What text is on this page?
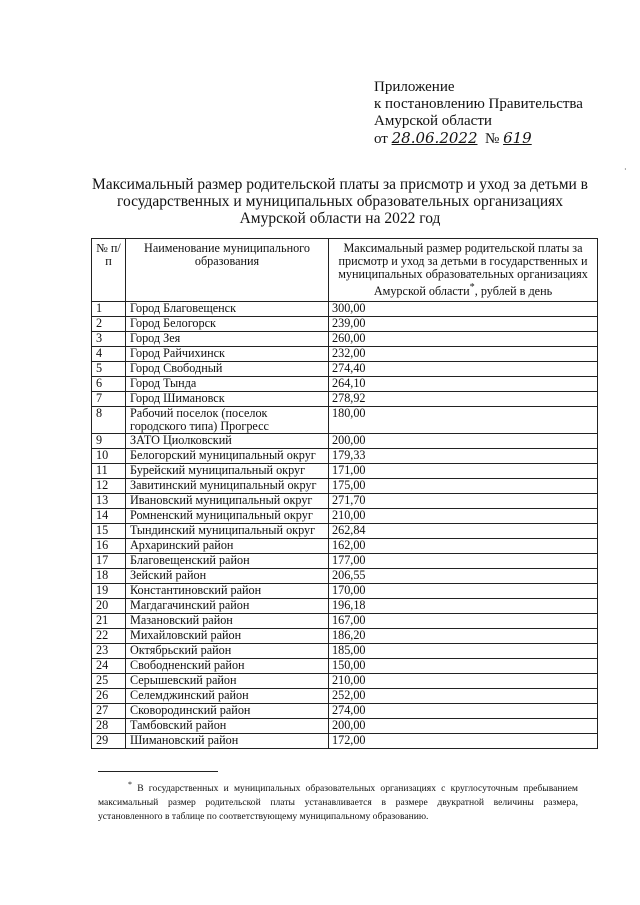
Приложение
к постановлению Правительства
Амурской области
от 28.06.2022 № 619
·
Максимальный размер родительской платы за присмотр и уход за детьми в
государственных и муниципальных образовательных организациях
Амурской области на 2022 год
№ п/п	Наименование муниципального образования	Максимальный размер родительской платы за присмотр и уход за детьми в государственных и муниципальных образовательных организациях Амурской области*, рублей в день
1	Город Благовещенск	300,00
2	Город Белогорск	239,00
3	Город Зея	260,00
4	Город Райчихинск	232,00
5	Город Свободный	274,40
6	Город Тында	264,10
7	Город Шимановск	278,92
8	Рабочий поселок (поселок городского типа) Прогресс	180,00
9	ЗАТО Циолковский	200,00
10	Белогорский муниципальный округ	179,33
11	Бурейский муниципальный округ	171,00
12	Завитинский муниципальный округ	175,00
13	Ивановский муниципальный округ	271,70
14	Ромненский муниципальный округ	210,00
15	Тындинский муниципальный округ	262,84
16	Архаринский район	162,00
17	Благовещенский район	177,00
18	Зейский район	206,55
19	Константиновский район	170,00
20	Магдагачинский район	196,18
21	Мазановский район	167,00
22	Михайловский район	186,20
23	Октябрьский район	185,00
24	Свободненский район	150,00
25	Серышевский район	210,00
26	Селемджинский район	252,00
27	Сковородинский район	274,00
28	Тамбовский район	200,00
29	Шимановский район	172,00
* В государственных и муниципальных образовательных организациях с круглосуточным пребыванием максимальный размер родительской платы устанавливается в размере двукратной величины размера, установленного в таблице по соответствующему муниципальному образованию.
